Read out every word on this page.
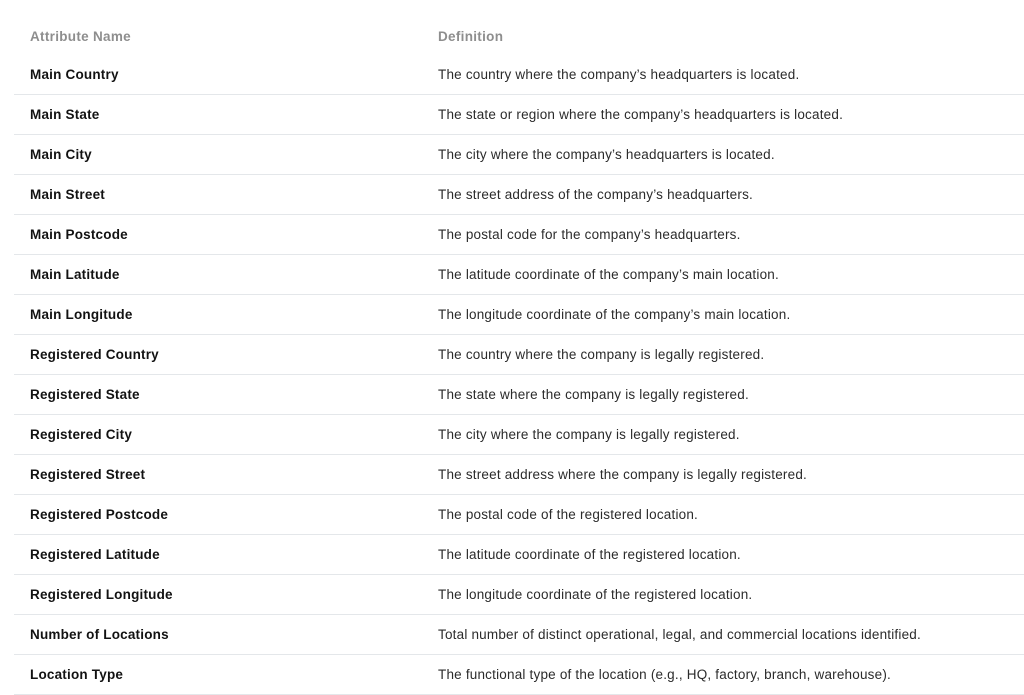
Attribute Name	Definition
Main Country	The country where the company’s headquarters is located.
Main State	The state or region where the company’s headquarters is located.
Main City	The city where the company’s headquarters is located.
Main Street	The street address of the company’s headquarters.
Main Postcode	The postal code for the company’s headquarters.
Main Latitude	The latitude coordinate of the company’s main location.
Main Longitude	The longitude coordinate of the company’s main location.
Registered Country	The country where the company is legally registered.
Registered State	The state where the company is legally registered.
Registered City	The city where the company is legally registered.
Registered Street	The street address where the company is legally registered.
Registered Postcode	The postal code of the registered location.
Registered Latitude	The latitude coordinate of the registered location.
Registered Longitude	The longitude coordinate of the registered location.
Number of Locations	Total number of distinct operational, legal, and commercial locations identified.
Location Type	The functional type of the location (e.g., HQ, factory, branch, warehouse).
